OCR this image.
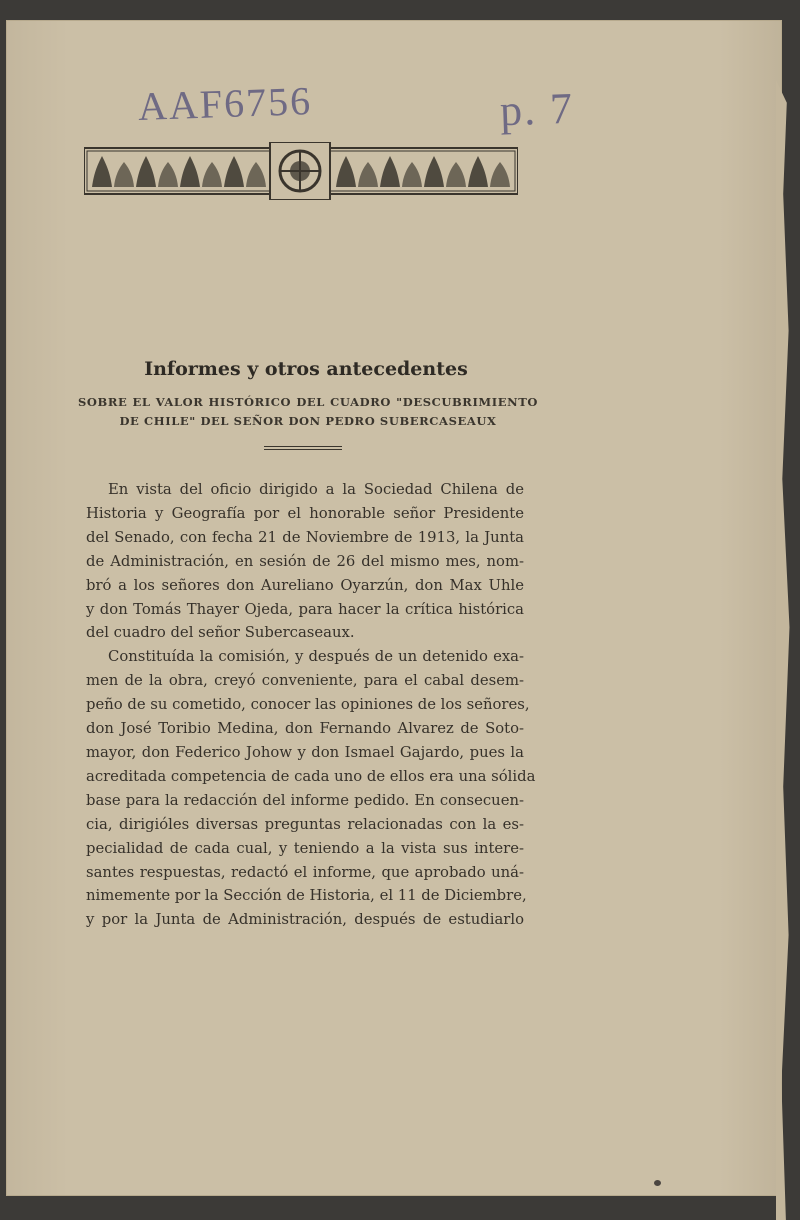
AAF6756	p. 7
Informes y otros antecedentes
SOBRE EL VALOR HISTÓRICO DEL CUADRO "DESCUBRIMIENTO
DE CHILE" DEL SEÑOR DON PEDRO SUBERCASEAUX
En vista del oficio dirigido a la Sociedad Chilena de
Historia y Geografía por el honorable señor Presidente
del Senado, con fecha 21 de Noviembre de 1913, la Junta
de Administración, en sesión de 26 del mismo mes, nom-
bró a los señores don Aureliano Oyarzún, don Max Uhle
y don Tomás Thayer Ojeda, para hacer la crítica histórica
del cuadro del señor Subercaseaux.
Constituída la comisión, y después de un detenido exa-
men de la obra, creyó conveniente, para el cabal desem-
peño de su cometido, conocer las opiniones de los señores,
don José Toribio Medina, don Fernando Alvarez de Soto-
mayor, don Federico Johow y don Ismael Gajardo, pues la
acreditada competencia de cada uno de ellos era una sólida
base para la redacción del informe pedido. En consecuen-
cia, dirigióles diversas preguntas relacionadas con la es-
pecialidad de cada cual, y teniendo a la vista sus intere-
santes respuestas, redactó el informe, que aprobado uná-
nimemente por la Sección de Historia, el 11 de Diciembre,
y por la Junta de Administración, después de estudiarlo
